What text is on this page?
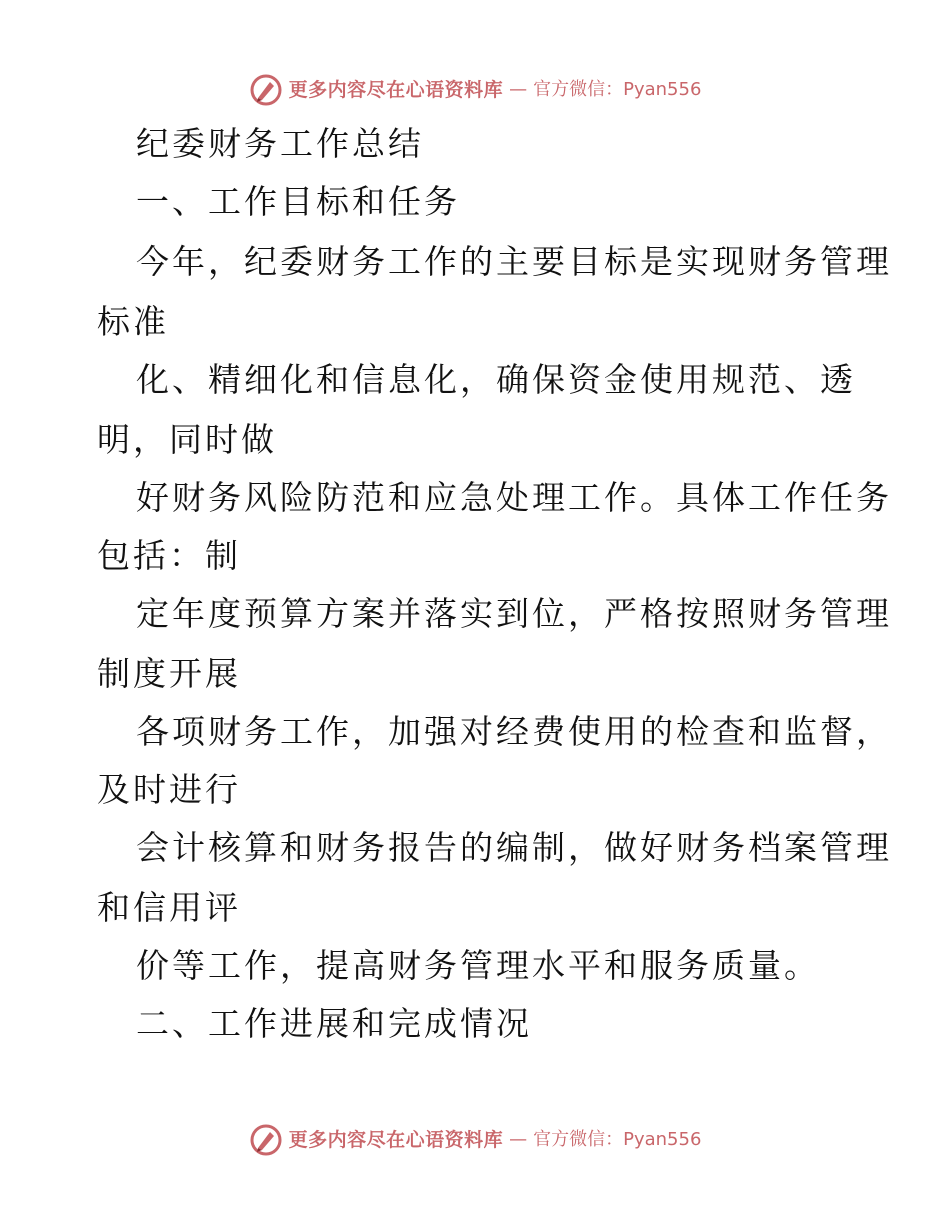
更多内容尽在心语资料库 — 官方微信：Pyan556
纪委财务工作总结
一、工作目标和任务
今年，纪委财务工作的主要目标是实现财务管理
标准
化、精细化和信息化，确保资金使用规范、透
明，同时做
好财务风险防范和应急处理工作。具体工作任务
包括：制
定年度预算方案并落实到位，严格按照财务管理
制度开展
各项财务工作，加强对经费使用的检查和监督，
及时进行
会计核算和财务报告的编制，做好财务档案管理
和信用评
价等工作，提高财务管理水平和服务质量。
二、工作进展和完成情况
更多内容尽在心语资料库 — 官方微信：Pyan556
